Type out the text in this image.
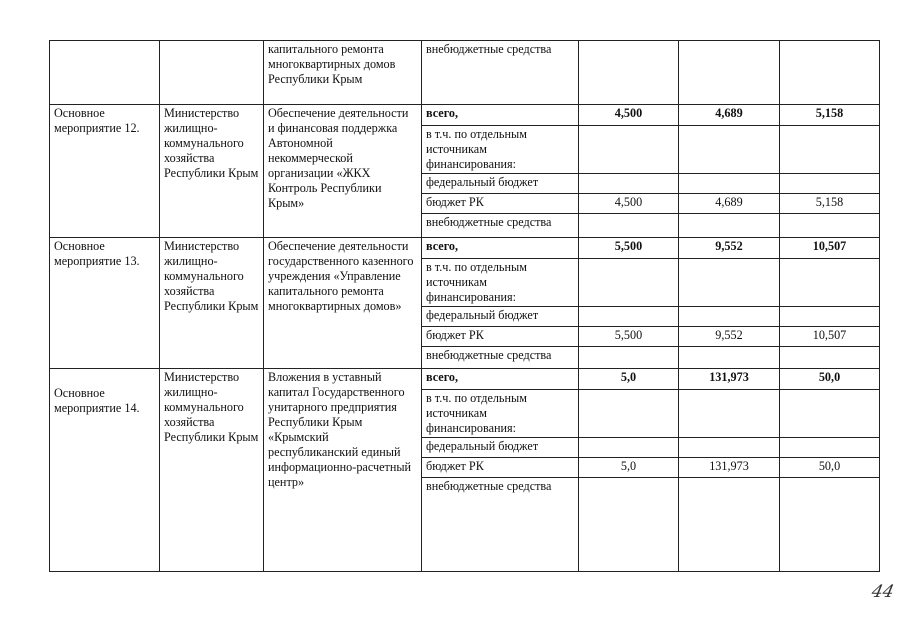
		капитального ремонта многоквартирных домов Республики Крым	внебюджетные средства			
Основное мероприятие 12.	Министерство жилищно-коммунального хозяйства Республики Крым	Обеспечение деятельности и финансовая поддержка Автономной некоммерческой организации «ЖКХ Контроль Республики Крым»	всего,	4,500	4,689	5,158
			в т.ч. по отдельным источникам финансирования:			
			федеральный бюджет			
			бюджет РК	4,500	4,689	5,158
			внебюджетные средства			
Основное мероприятие 13.	Министерство жилищно-коммунального хозяйства Республики Крым	Обеспечение деятельности государственного казенного учреждения «Управление капитального ремонта многоквартирных домов»	всего,	5,500	9,552	10,507
			в т.ч. по отдельным источникам финансирования:			
			федеральный бюджет			
			бюджет РК	5,500	9,552	10,507
			внебюджетные средства			

Основное мероприятие 14.	Министерство жилищно-коммунального хозяйства Республики Крым	Вложения в уставный капитал Государственного унитарного предприятия Республики Крым «Крымский республиканский единый информационно-расчетный центр»	всего,	5,0	131,973	50,0
			в т.ч. по отдельным источникам финансирования:			
			федеральный бюджет			
			бюджет РК	5,0	131,973	50,0
			внебюджетные средства			
44
